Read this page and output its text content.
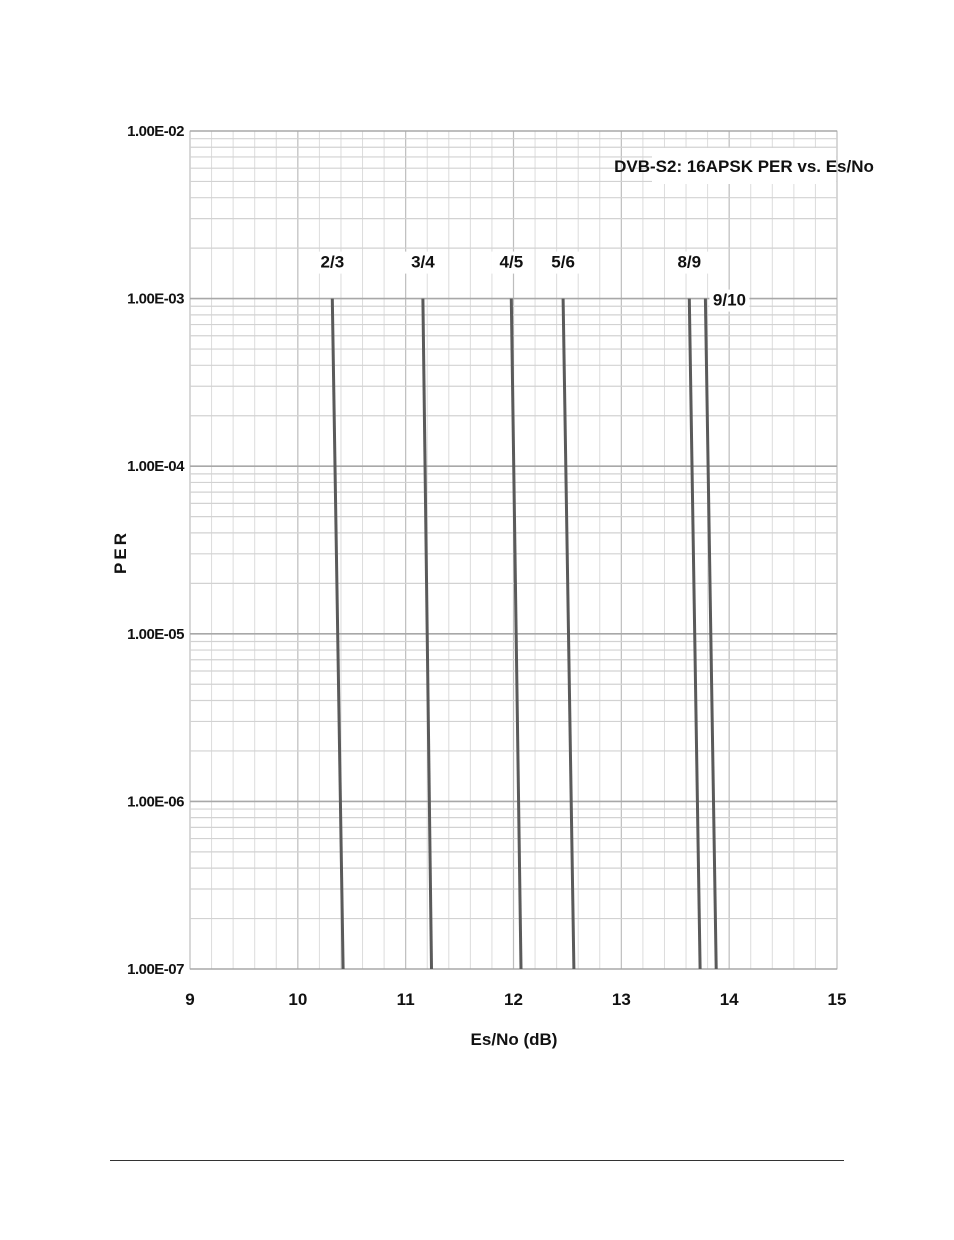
1.00E-07
1.00E-06
1.00E-05
1.00E-04
1.00E-03
1.00E-02
9	10	11	12	13	14	15
2/3	3/4	4/5 5/6	8/9
9/10
DVB-S2: 16APSK PER vs. Es/No
Es/No (dB)
PER
